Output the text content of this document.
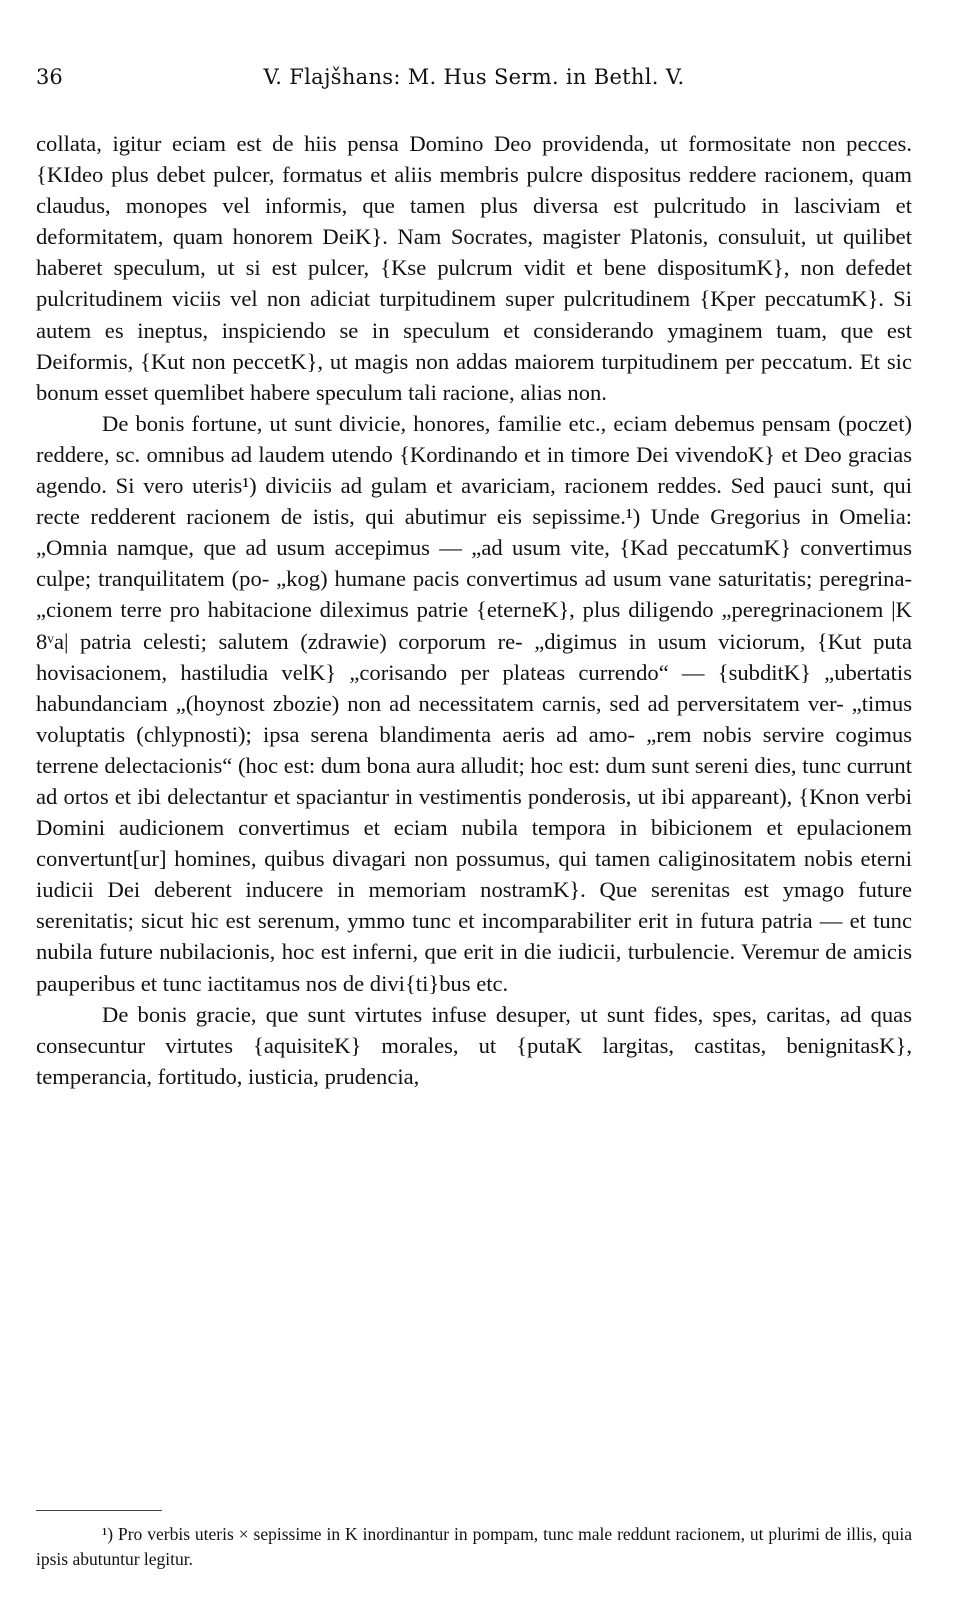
36	V. Flajšhans: M. Hus Serm. in Bethl. V.

collata, igitur eciam est de hiis pensa Domino Deo providenda, ut formositate non pecces. {KIdeo plus debet pulcer, formatus et aliis membris pulcre dispositus reddere racionem, quam claudus, monopes vel informis, que tamen plus diversa est pulcritudo in lasciviam et deformitatem, quam honorem DeiK}. Nam Socrates, magister Platonis, consuluit, ut quilibet haberet speculum, ut si est pulcer, {Kse pulcrum vidit et bene dispositumK}, non defedet pulcritudinem viciis vel non adiciat turpitudinem super pulcritudinem {Kper peccatumK}. Si autem es ineptus, inspiciendo se in speculum et considerando ymaginem tuam, que est Deiformis, {Kut non peccetK}, ut magis non addas maiorem turpitudinem per peccatum. Et sic bonum esset quemlibet habere speculum tali racione, alias non.

De bonis fortune, ut sunt divicie, honores, familie etc., eciam debemus pensam (poczet) reddere, sc. omnibus ad laudem utendo {Kordinando et in timore Dei vivendoK} et Deo gracias agendo. Si vero uteris¹) diviciis ad gulam et avariciam, racionem reddes. Sed pauci sunt, qui recte redderent racionem de istis, qui abutimur eis sepissime.¹) Unde Gregorius in Omelia: „Omnia namque, que ad usum accepimus — „ad usum vite, {Kad peccatumK} convertimus culpe; tranquilitatem (po- „kog) humane pacis convertimus ad usum vane saturitatis; peregrina- „cionem terre pro habitacione dileximus patrie {eterneK}, plus diligendo „peregrinacionem |K 8ᵛa| patria celesti; salutem (zdrawie) corporum re- „digimus in usum viciorum, {Kut puta hovisacionem, hastiludia velK} „corisando per plateas currendo“ — {subditK} „ubertatis habundanciam „(hoynost zbozie) non ad necessitatem carnis, sed ad perversitatem ver- „timus voluptatis (chlypnosti); ipsa serena blandimenta aeris ad amo- „rem nobis servire cogimus terrene delectacionis“ (hoc est: dum bona aura alludit; hoc est: dum sunt sereni dies, tunc currunt ad ortos et ibi delectantur et spaciantur in vestimentis ponderosis, ut ibi appareant), {Knon verbi Domini audicionem convertimus et eciam nubila tempora in bibicionem et epulacionem convertunt[ur] homines, quibus divagari non possumus, qui tamen caliginositatem nobis eterni iudicii Dei deberent inducere in memoriam nostramK}. Que serenitas est ymago future serenitatis; sicut hic est serenum, ymmo tunc et incomparabiliter erit in futura patria — et tunc nubila future nubilacionis, hoc est inferni, que erit in die iudicii, turbulencie. Veremur de amicis pauperibus et tunc iactitamus nos de divi{ti}bus etc.

De bonis gracie, que sunt virtutes infuse desuper, ut sunt fides, spes, caritas, ad quas consecuntur virtutes {aquisiteK} morales, ut {putaK largitas, castitas, benignitasK}, temperancia, fortitudo, iusticia, prudencia,

¹) Pro verbis uteris × sepissime in K inordinantur in pompam, tunc male reddunt racionem, ut plurimi de illis, quia ipsis abutuntur legitur.
